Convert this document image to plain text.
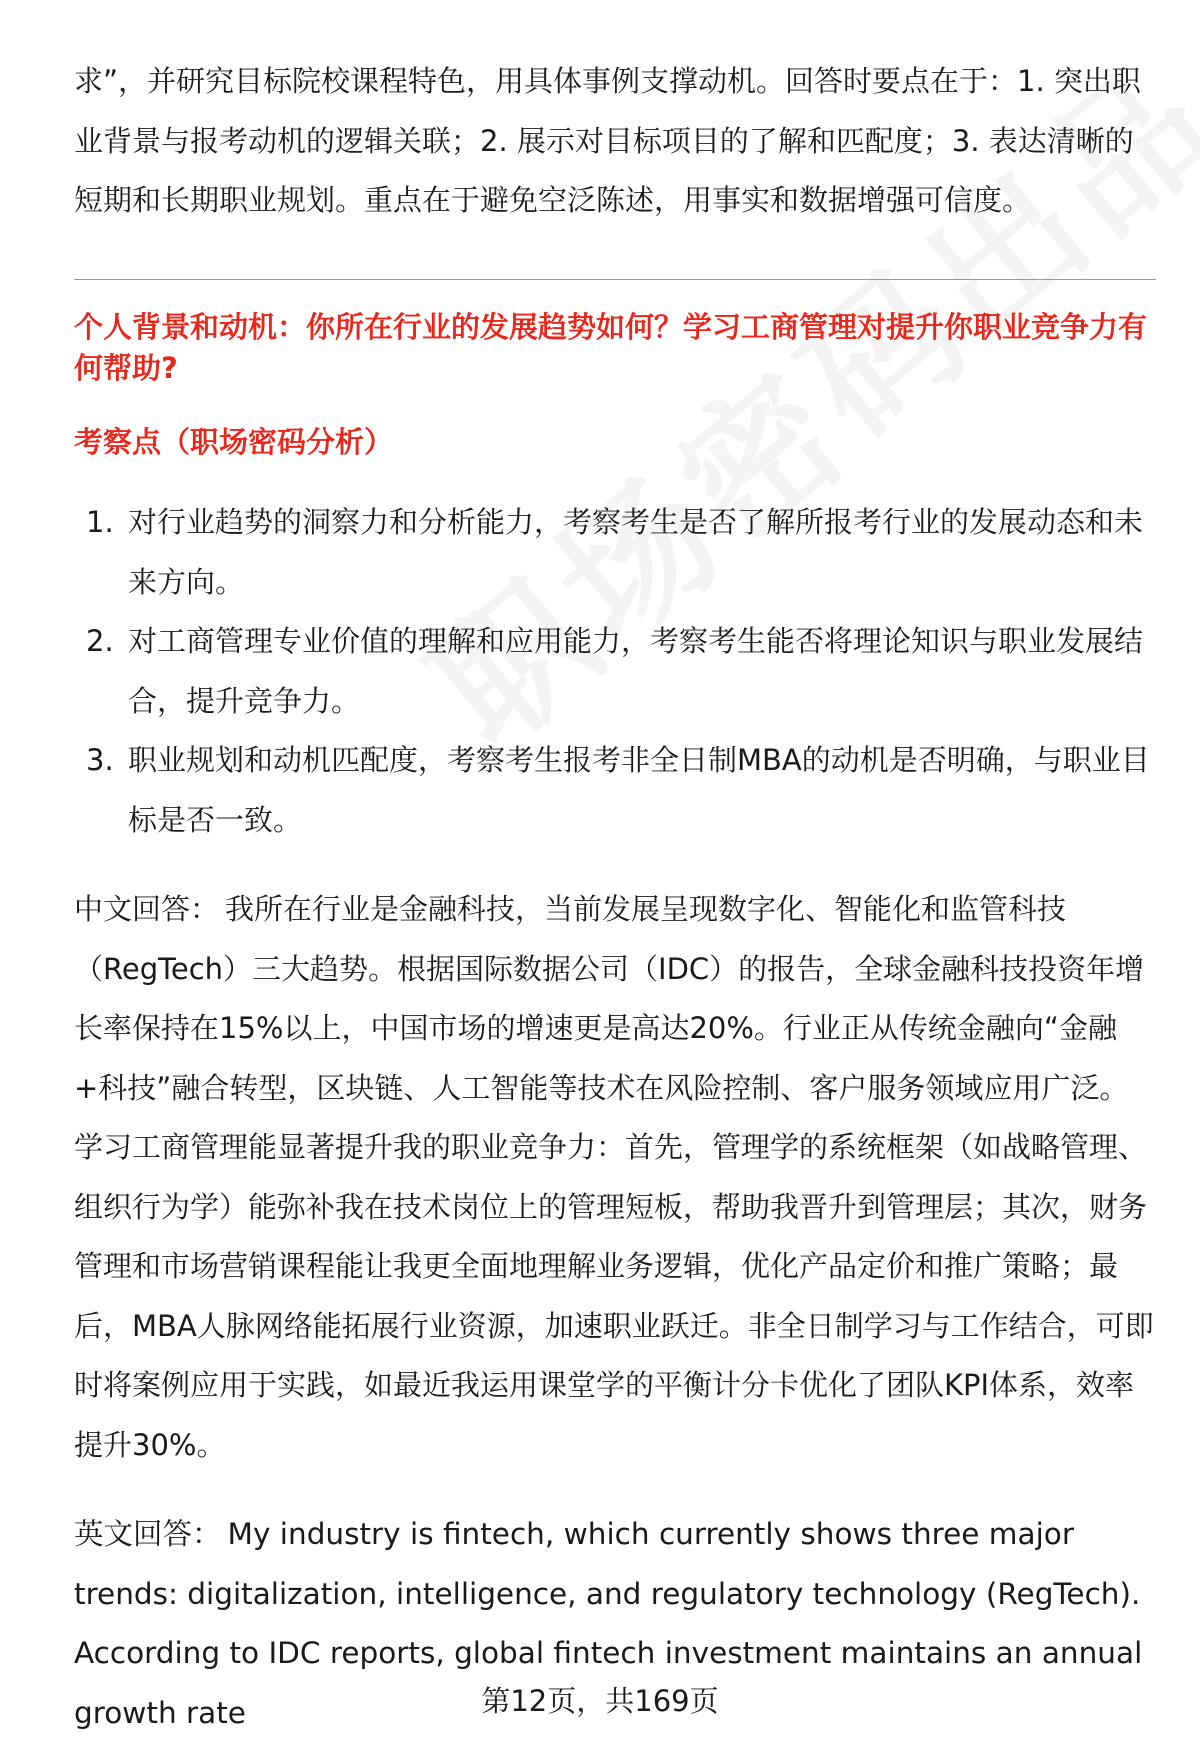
求”，并研究目标院校课程特色，用具体事例支撑动机。回答时要点在于：1. 突出职业背景与报考动机的逻辑关联；2. 展示对目标项目的了解和匹配度；3. 表达清晰的短期和长期职业规划。重点在于避免空泛陈述，用事实和数据增强可信度。

个人背景和动机：你所在行业的发展趋势如何？学习工商管理对提升你职业竞争力有何帮助?
考察点（职场密码分析）
1. 对行业趋势的洞察力和分析能力，考察考生是否了解所报考行业的发展动态和未来方向。
2. 对工商管理专业价值的理解和应用能力，考察考生能否将理论知识与职业发展结合，提升竞争力。
3. 职业规划和动机匹配度，考察考生报考非全日制MBA的动机是否明确，与职业目标是否一致。

中文回答： 我所在行业是金融科技，当前发展呈现数字化、智能化和监管科技（RegTech）三大趋势。根据国际数据公司（IDC）的报告，全球金融科技投资年增长率保持在15%以上，中国市场的增速更是高达20%。行业正从传统金融向“金融+科技”融合转型，区块链、人工智能等技术在风险控制、客户服务领域应用广泛。学习工商管理能显著提升我的职业竞争力：首先，管理学的系统框架（如战略管理、组织行为学）能弥补我在技术岗位上的管理短板，帮助我晋升到管理层；其次，财务管理和市场营销课程能让我更全面地理解业务逻辑，优化产品定价和推广策略；最后，MBA人脉网络能拓展行业资源，加速职业跃迁。非全日制学习与工作结合，可即时将案例应用于实践，如最近我运用课堂学的平衡计分卡优化了团队KPI体系，效率提升30%。

英文回答： My industry is fintech, which currently shows three major trends: digitalization, intelligence, and regulatory technology (RegTech). According to IDC reports, global fintech investment maintains an annual growth rate	第12页，共169页
